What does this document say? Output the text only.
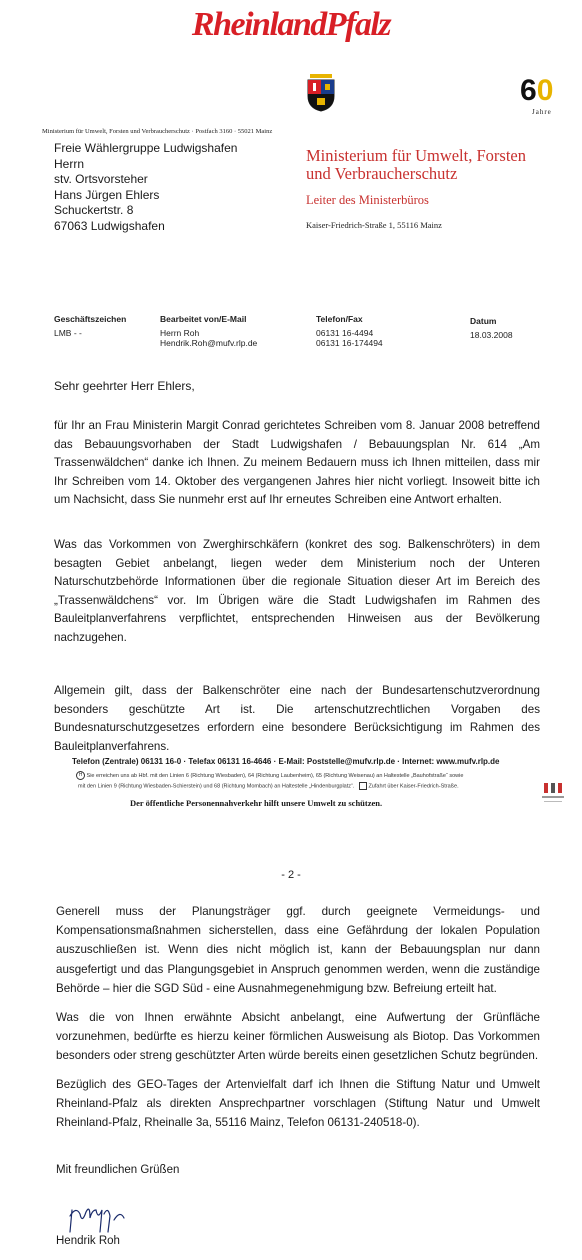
RheinlandPfalz
60
Jahre
Ministerium für Umwelt, Forsten und Verbraucherschutz · Postfach 3160 · 55021 Mainz
Freie Wählergruppe Ludwigshafen
Herrn
stv. Ortsvorsteher
Hans Jürgen Ehlers
Schuckertstr. 8
67063 Ludwigshafen
Ministerium für Umwelt, Forsten
und Verbraucherschutz
Leiter des Ministerbüros
Kaiser-Friedrich-Straße 1, 55116 Mainz
Geschäftszeichen
LMB - -
Bearbeitet von/E-Mail
Herrn Roh
Hendrik.Roh@mufv.rlp.de
Telefon/Fax
06131 16-4494
06131 16-174494
Datum
18.03.2008
Sehr geehrter Herr Ehlers,
für Ihr an Frau Ministerin Margit Conrad gerichtetes Schreiben vom 8. Januar 2008 betreffend das Bebauungsvorhaben der Stadt Ludwigshafen / Bebauungsplan Nr. 614 „Am Trassenwäldchen“ danke ich Ihnen. Zu meinem Bedauern muss ich Ihnen mitteilen, dass mir Ihr Schreiben vom 14. Oktober des vergangenen Jahres hier nicht vorliegt. Insoweit bitte ich um Nachsicht, dass Sie nunmehr erst auf Ihr erneutes Schreiben eine Antwort erhalten.
Was das Vorkommen von Zwerghirschkäfern (konkret des sog. Balkenschröters) in dem besagten Gebiet anbelangt, liegen weder dem Ministerium noch der Unteren Naturschutzbehörde Informationen über die regionale Situation dieser Art im Bereich des „Trassenwäldchens“ vor. Im Übrigen wäre die Stadt Ludwigshafen im Rahmen des Bauleitplanverfahrens verpflichtet, entsprechenden Hinweisen aus der Bevölkerung nachzugehen.
Allgemein gilt, dass der Balkenschröter eine nach der Bundesartenschutzverordnung besonders geschützte Art ist. Die artenschutzrechtlichen Vorgaben des Bundesnaturschutzgesetzes erfordern eine besondere Berücksichtigung im Rahmen des Bauleitplanverfahrens.
Telefon (Zentrale) 06131 16-0 · Telefax 06131 16-4646 · E-Mail: Poststelle@mufv.rlp.de · Internet: www.mufv.rlp.de
H Sie erreichen uns ab Hbf. mit den Linien 6 (Richtung Wiesbaden), 64 (Richtung Laubenheim), 65 (Richtung Weisenau) an Haltestelle „Bauhofstraße“ sowie
mit den Linien 9 (Richtung Wiesbaden-Schierstein) und 68 (Richtung Mombach) an Haltestelle „Hindenburgplatz“.	Zufahrt über Kaiser-Friedrich-Straße.
Der öffentliche Personennahverkehr hilft unsere Umwelt zu schützen.
- 2 -
Generell muss der Planungsträger ggf. durch geeignete Vermeidungs- und Kompensationsmaßnahmen sicherstellen, dass eine Gefährdung der lokalen Population auszuschließen ist. Wenn dies nicht möglich ist, kann der Bebauungsplan nur dann ausgefertigt und das Plangungsgebiet in Anspruch genommen werden, wenn die zuständige Behörde – hier die SGD Süd - eine Ausnahmegenehmigung bzw. Befreiung erteilt hat.
Was die von Ihnen erwähnte Absicht anbelangt, eine Aufwertung der Grünfläche vorzunehmen, bedürfte es hierzu keiner förmlichen Ausweisung als Biotop. Das Vorkommen besonders oder streng geschützter Arten würde bereits einen gesetzlichen Schutz begründen.
Bezüglich des GEO-Tages der Artenvielfalt darf ich Ihnen die Stiftung Natur und Umwelt Rheinland-Pfalz als direkten Ansprechpartner vorschlagen (Stiftung Natur und Umwelt Rheinland-Pfalz, Rheinalle 3a, 55116 Mainz, Telefon 06131-240518-0).
Mit freundlichen Grüßen
Hendrik Roh
